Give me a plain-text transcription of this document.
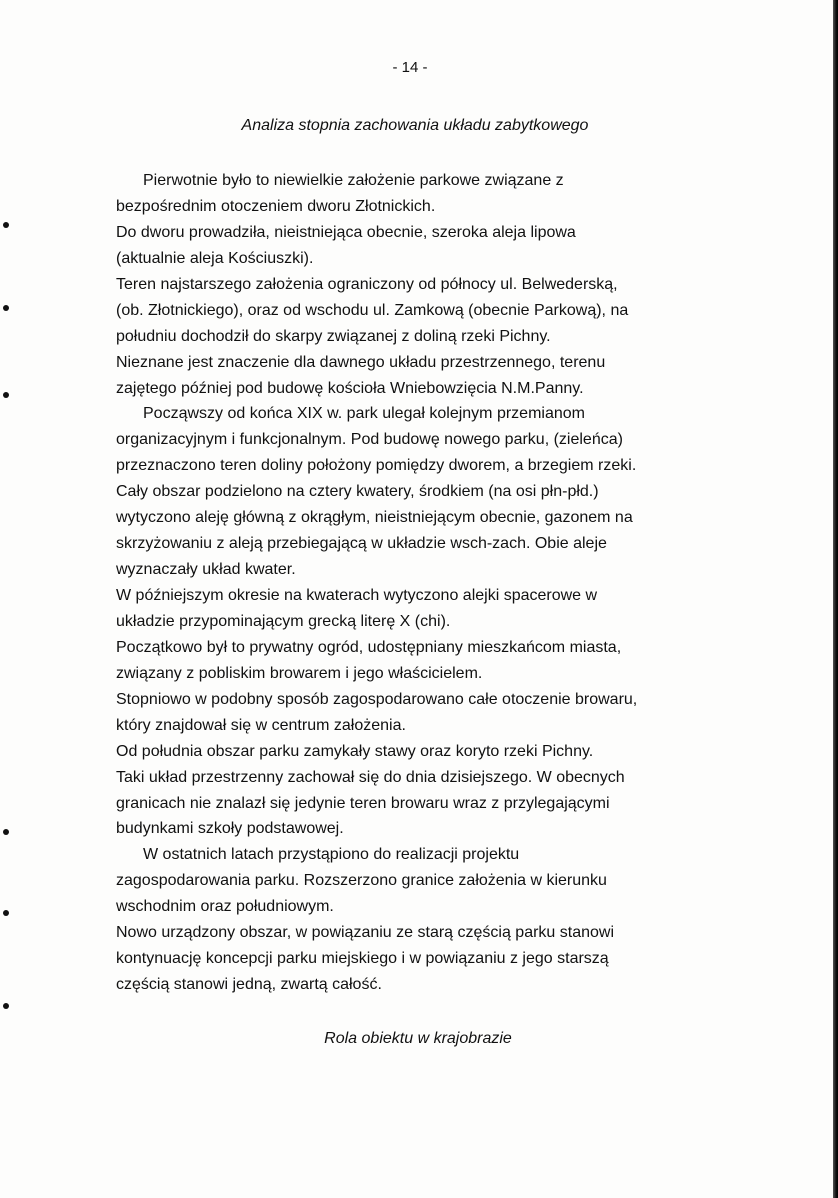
- 14 -
Analiza stopnia zachowania układu zabytkowego
Pierwotnie było to niewielkie założenie parkowe związane z
bezpośrednim otoczeniem dworu Złotnickich.
Do dworu prowadziła, nieistniejąca obecnie, szeroka aleja lipowa
(aktualnie aleja Kościuszki).
Teren najstarszego założenia ograniczony od północy ul. Belwederską,
(ob. Złotnickiego), oraz od wschodu ul. Zamkową (obecnie Parkową), na
południu dochodził do skarpy związanej z doliną rzeki Pichny.
Nieznane jest znaczenie dla dawnego układu przestrzennego, terenu
zajętego później pod budowę kościoła Wniebowzięcia N.M.Panny.
Począwszy od końca XIX w. park ulegał kolejnym przemianom
organizacyjnym i funkcjonalnym. Pod budowę nowego parku, (zieleńca)
przeznaczono teren doliny położony pomiędzy dworem, a brzegiem rzeki.
Cały obszar podzielono na cztery kwatery, środkiem (na osi płn-płd.)
wytyczono aleję główną z okrągłym, nieistniejącym obecnie, gazonem na
skrzyżowaniu z aleją przebiegającą w układzie wsch-zach. Obie aleje
wyznaczały układ kwater.
W późniejszym okresie na kwaterach wytyczono alejki spacerowe w
układzie przypominającym grecką literę X (chi).
Początkowo był to prywatny ogród, udostępniany mieszkańcom miasta,
związany z pobliskim browarem i jego właścicielem.
Stopniowo w podobny sposób zagospodarowano całe otoczenie browaru,
który znajdował się w centrum założenia.
Od południa obszar parku zamykały stawy oraz koryto rzeki Pichny.
Taki układ przestrzenny zachował się do dnia dzisiejszego. W obecnych
granicach nie znalazł się jedynie teren browaru wraz z przylegającymi
budynkami szkoły podstawowej.
W ostatnich latach przystąpiono do realizacji projektu
zagospodarowania parku. Rozszerzono granice założenia w kierunku
wschodnim oraz południowym.
Nowo urządzony obszar, w powiązaniu ze starą częścią parku stanowi
kontynuację koncepcji parku miejskiego i w powiązaniu z jego starszą
częścią stanowi jedną, zwartą całość.
Rola obiektu w krajobrazie
